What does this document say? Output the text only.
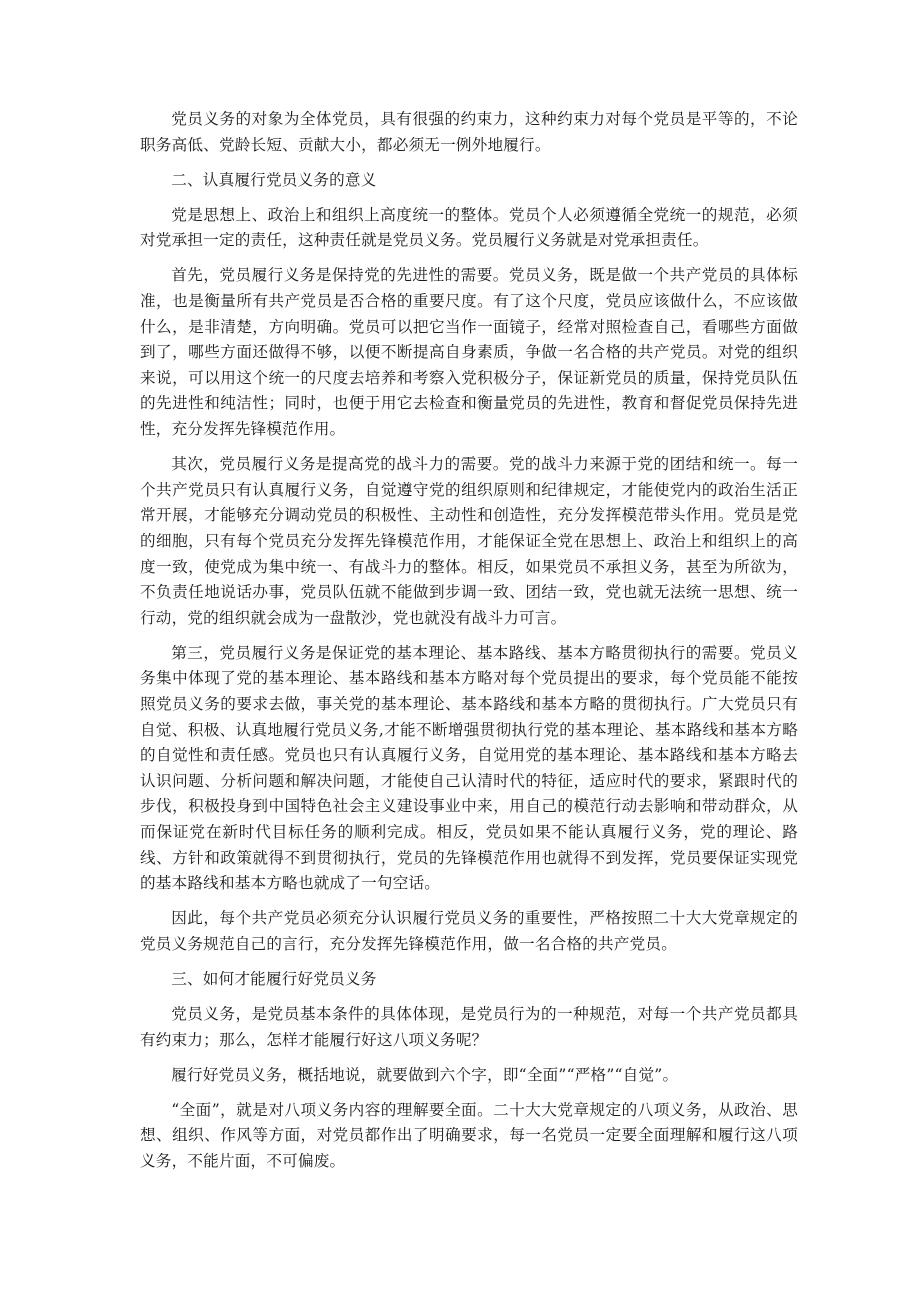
党员义务的对象为全体党员，具有很强的约束力，这种约束力对每个党员是平等的，不论职务高低、党龄长短、贡献大小，都必须无一例外地履行。

二、认真履行党员义务的意义

党是思想上、政治上和组织上高度统一的整体。党员个人必须遵循全党统一的规范，必须对党承担一定的责任，这种责任就是党员义务。党员履行义务就是对党承担责任。

首先，党员履行义务是保持党的先进性的需要。党员义务，既是做一个共产党员的具体标准，也是衡量所有共产党员是否合格的重要尺度。有了这个尺度，党员应该做什么，不应该做什么，是非清楚，方向明确。党员可以把它当作一面镜子，经常对照检查自己，看哪些方面做到了，哪些方面还做得不够，以便不断提高自身素质，争做一名合格的共产党员。对党的组织来说，可以用这个统一的尺度去培养和考察入党积极分子，保证新党员的质量，保持党员队伍的先进性和纯洁性；同时，也便于用它去检查和衡量党员的先进性，教育和督促党员保持先进性，充分发挥先锋模范作用。

其次，党员履行义务是提高党的战斗力的需要。党的战斗力来源于党的团结和统一。每一个共产党员只有认真履行义务，自觉遵守党的组织原则和纪律规定，才能使党内的政治生活正常开展，才能够充分调动党员的积极性、主动性和创造性，充分发挥模范带头作用。党员是党的细胞，只有每个党员充分发挥先锋模范作用，才能保证全党在思想上、政治上和组织上的高度一致，使党成为集中统一、有战斗力的整体。相反，如果党员不承担义务，甚至为所欲为，不负责任地说话办事，党员队伍就不能做到步调一致、团结一致，党也就无法统一思想、统一行动，党的组织就会成为一盘散沙，党也就没有战斗力可言。

第三，党员履行义务是保证党的基本理论、基本路线、基本方略贯彻执行的需要。党员义务集中体现了党的基本理论、基本路线和基本方略对每个党员提出的要求，每个党员能不能按照党员义务的要求去做，事关党的基本理论、基本路线和基本方略的贯彻执行。广大党员只有自觉、积极、认真地履行党员义务,才能不断增强贯彻执行党的基本理论、基本路线和基本方略的自觉性和责任感。党员也只有认真履行义务，自觉用党的基本理论、基本路线和基本方略去认识问题、分析问题和解决问题，才能使自己认清时代的特征，适应时代的要求，紧跟时代的步伐，积极投身到中国特色社会主义建设事业中来，用自己的模范行动去影响和带动群众，从而保证党在新时代目标任务的顺利完成。相反，党员如果不能认真履行义务，党的理论、路线、方针和政策就得不到贯彻执行，党员的先锋模范作用也就得不到发挥，党员要保证实现党的基本路线和基本方略也就成了一句空话。

因此，每个共产党员必须充分认识履行党员义务的重要性，严格按照二十大大党章规定的党员义务规范自己的言行，充分发挥先锋模范作用，做一名合格的共产党员。

三、如何才能履行好党员义务

党员义务，是党员基本条件的具体体现，是党员行为的一种规范，对每一个共产党员都具有约束力；那么，怎样才能履行好这八项义务呢？

履行好党员义务，概括地说，就要做到六个字，即“全面”“严格”“自觉”。

“全面”，就是对八项义务内容的理解要全面。二十大大党章规定的八项义务，从政治、思想、组织、作风等方面，对党员都作出了明确要求，每一名党员一定要全面理解和履行这八项义务，不能片面，不可偏废。
